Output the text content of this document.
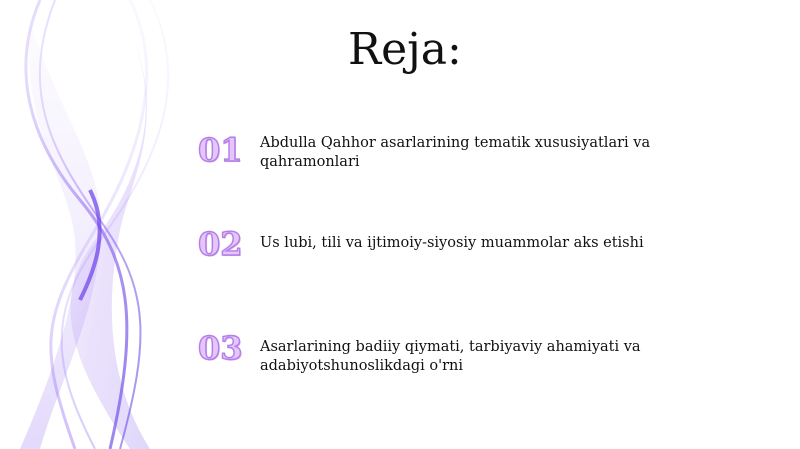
Reja:
01 Abdulla Qahhor asarlarining tematik xususiyatlari va qahramonlari
02 Us lubi, tili va ijtimoiy-siyosiy muammolar aks etishi
03 Asarlarining badiiy qiymati, tarbiyaviy ahamiyati va adabiyotshunoslikdagi o'rni
